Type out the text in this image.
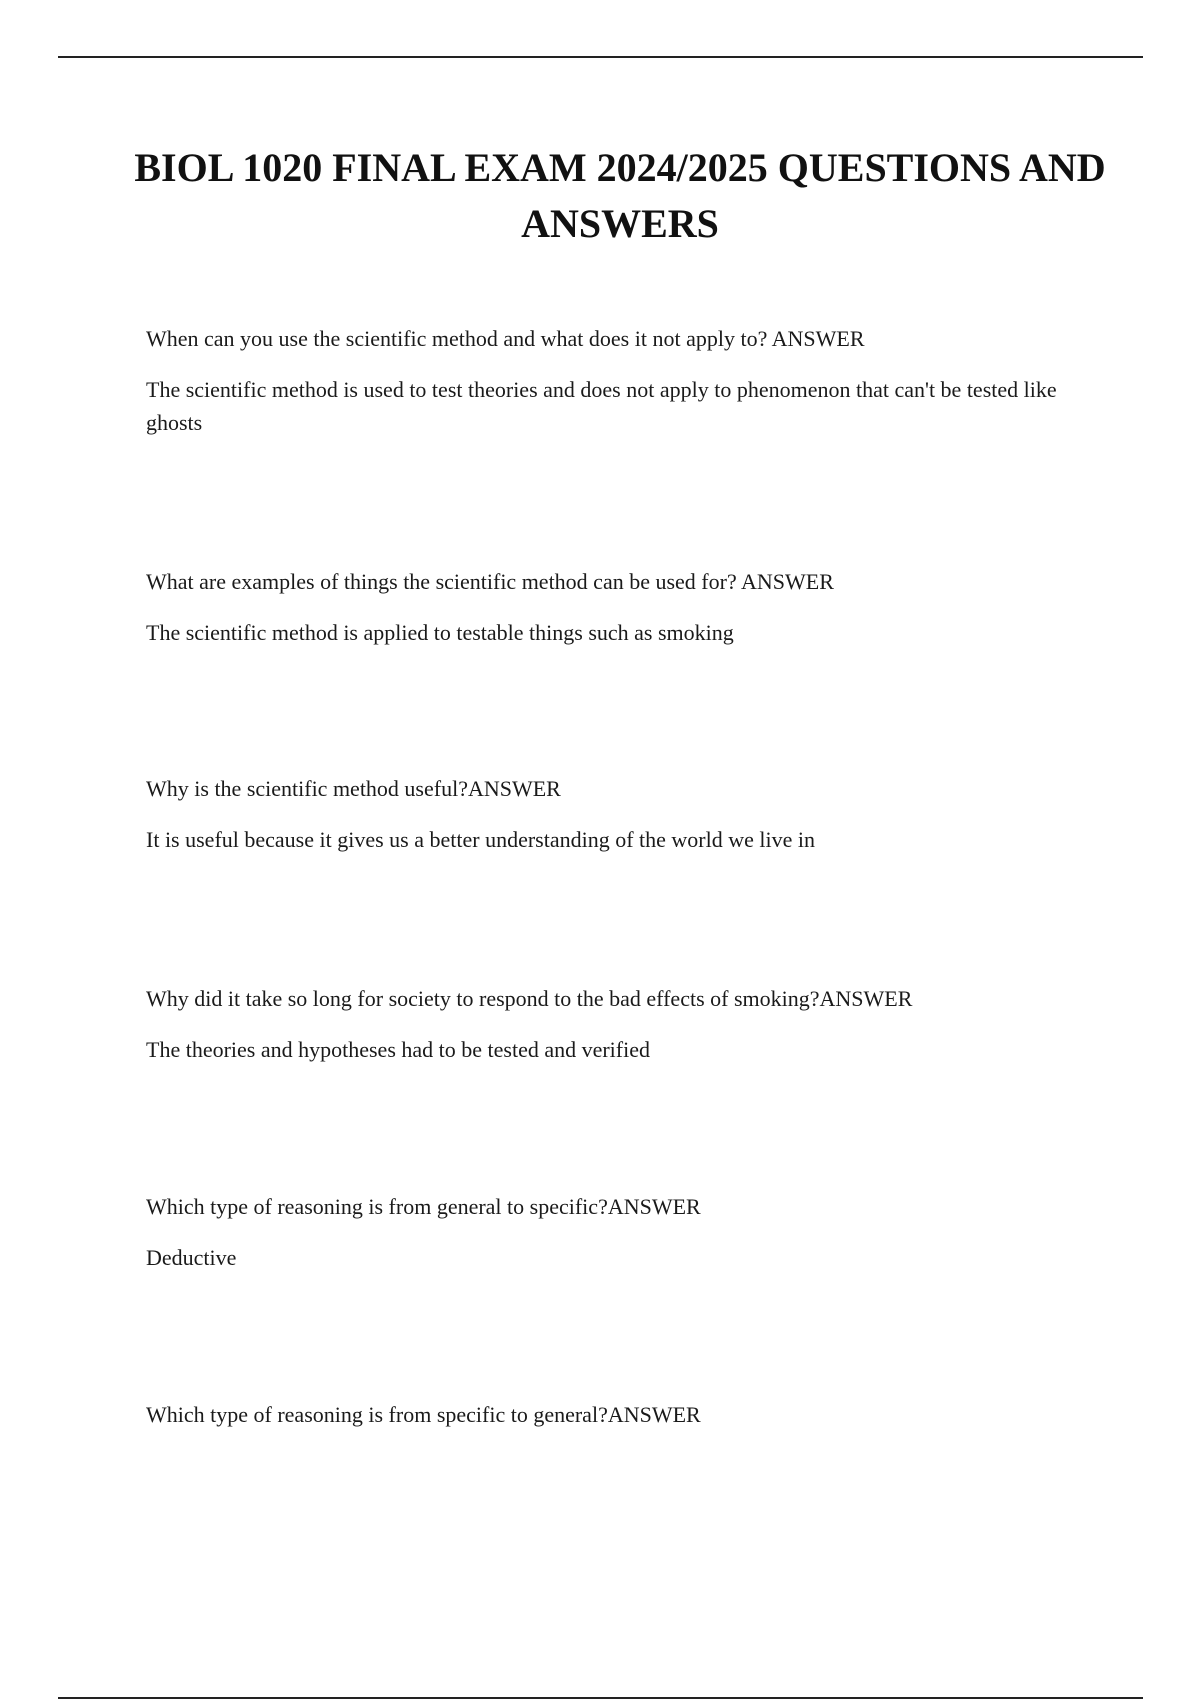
BIOL 1020 FINAL EXAM 2024/2025 QUESTIONS AND ANSWERS

When can you use the scientific method and what does it not apply to? ANSWER

The scientific method is used to test theories and does not apply to phenomenon that can't be tested like ghosts

What are examples of things the scientific method can be used for? ANSWER

The scientific method is applied to testable things such as smoking

Why is the scientific method useful?ANSWER

It is useful because it gives us a better understanding of the world we live in

Why did it take so long for society to respond to the bad effects of smoking?ANSWER

The theories and hypotheses had to be tested and verified

Which type of reasoning is from general to specific?ANSWER

Deductive

Which type of reasoning is from specific to general?ANSWER
